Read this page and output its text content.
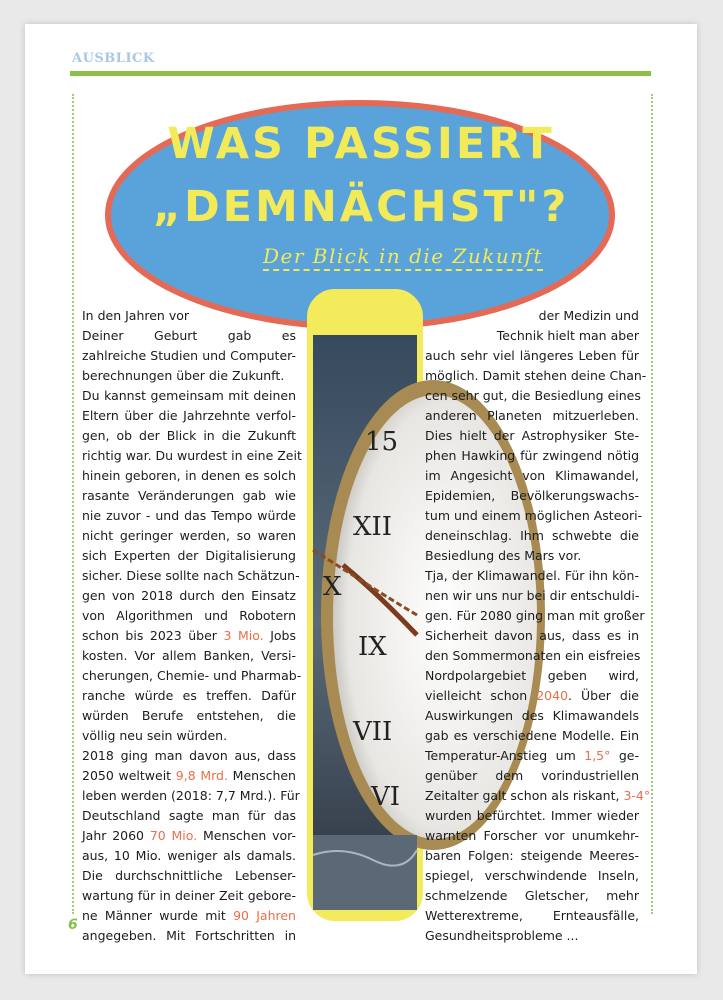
AUSBLICK
WAS PASSIERT
„DEMNÄCHST"?
Der Blick in die Zukunft
15
XII
X
IX
VII
VI
In den Jahren vor
Deiner Geburt gab es
zahlreiche Studien und Computer-
berechnungen über die Zukunft.
Du kannst gemeinsam mit deinen
Eltern über die Jahrzehnte verfol-
gen, ob der Blick in die Zukunft
richtig war. Du wurdest in eine Zeit
hinein geboren, in denen es solch
rasante Veränderungen gab wie
nie zuvor - und das Tempo würde
nicht geringer werden, so waren
sich Experten der Digitalisierung
sicher. Diese sollte nach Schätzun-
gen von 2018 durch den Einsatz
von Algorithmen und Robotern
schon bis 2023 über 3 Mio. Jobs
kosten. Vor allem Banken, Versi-
cherungen, Chemie- und Pharmab-
ranche würde es treffen. Dafür
würden Berufe entstehen, die
völlig neu sein würden.
2018 ging man davon aus, dass
2050 weltweit 9,8 Mrd. Menschen
leben werden (2018: 7,7 Mrd.). Für
Deutschland sagte man für das
Jahr 2060 70 Mio. Menschen vor-
aus, 10 Mio. weniger als damals.
Die durchschnittliche Lebenser-
wartung für in deiner Zeit gebore-
ne Männer wurde mit 90 Jahren
angegeben. Mit Fortschritten in
der Medizin und
Technik hielt man aber
auch sehr viel längeres Leben für
möglich. Damit stehen deine Chan-
cen sehr gut, die Besiedlung eines
anderen Planeten mitzuerleben.
Dies hielt der Astrophysiker Ste-
phen Hawking für zwingend nötig
im Angesicht von Klimawandel,
Epidemien, Bevölkerungswachs-
tum und einem möglichen Asteori-
deneinschlag. Ihm schwebte die
Besiedlung des Mars vor.
Tja, der Klimawandel. Für ihn kön-
nen wir uns nur bei dir entschuldi-
gen. Für 2080 ging man mit großer
Sicherheit davon aus, dass es in
den Sommermonaten ein eisfreies
Nordpolargebiet geben wird,
vielleicht schon 2040. Über die
Auswirkungen des Klimawandels
gab es verschiedene Modelle. Ein
Temperatur-Anstieg um 1,5° ge-
genüber dem vorindustriellen
Zeitalter galt schon als riskant, 3-4°
wurden befürchtet. Immer wieder
warnten Forscher vor unumkehr-
baren Folgen: steigende Meeres-
spiegel, verschwindende Inseln,
schmelzende Gletscher, mehr
Wetterextreme, Ernteausfälle,
Gesundheitsprobleme ...
6
